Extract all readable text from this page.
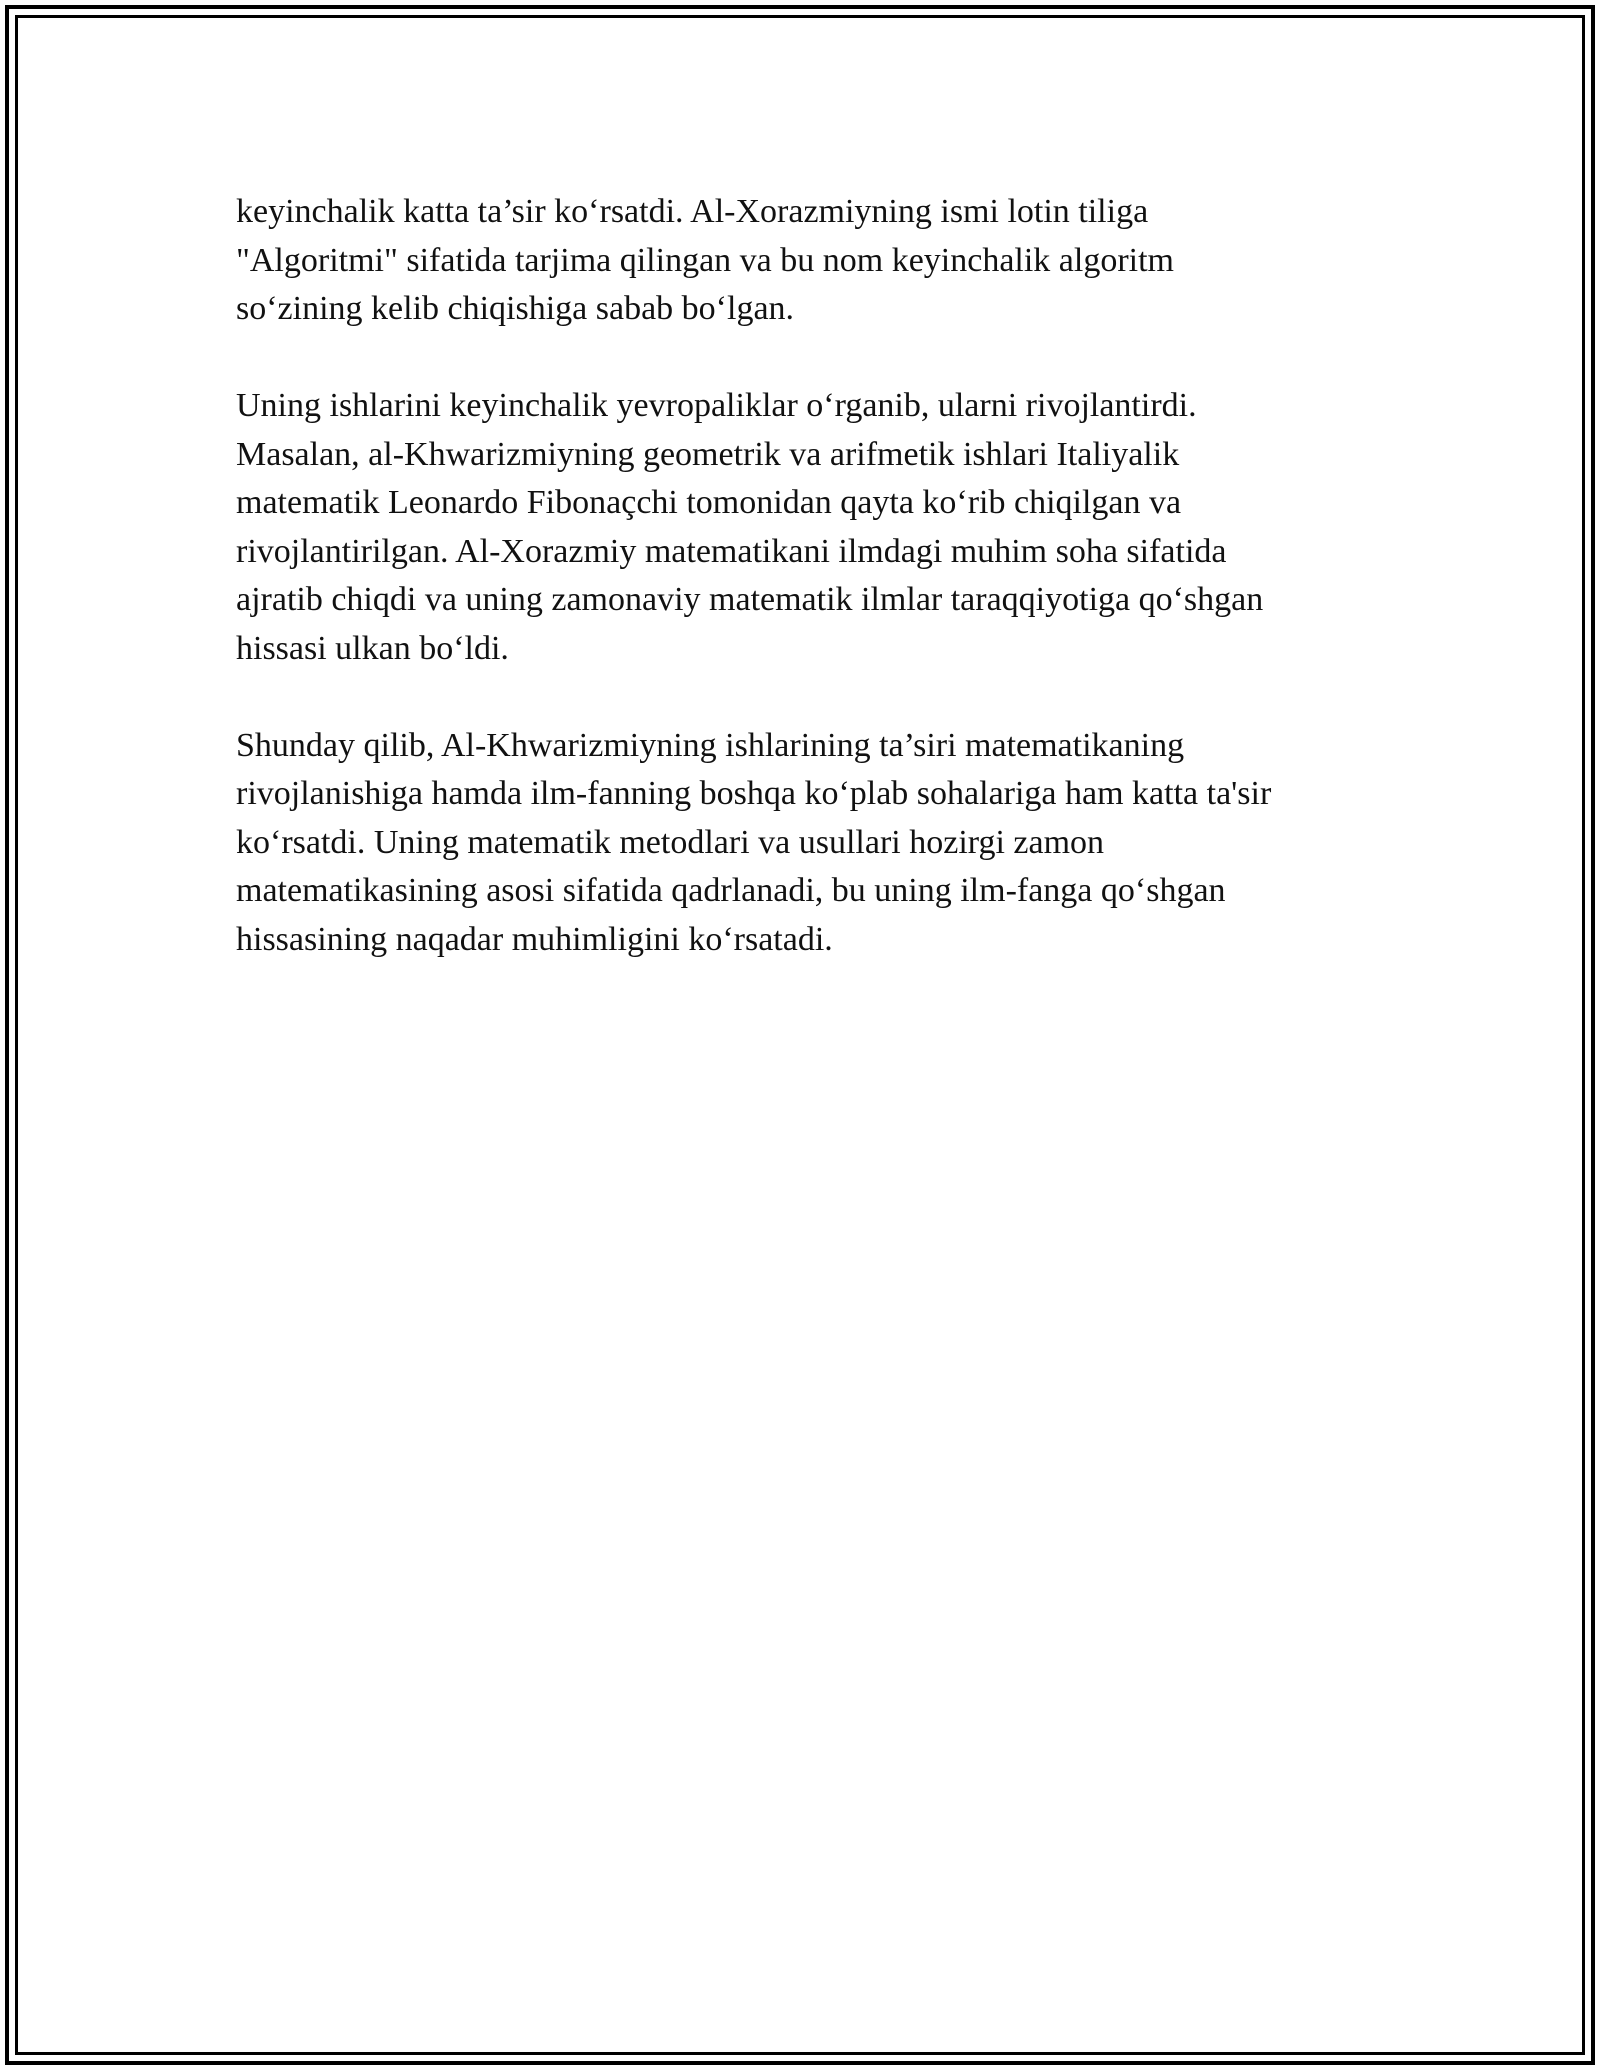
keyinchalik katta ta’sir ko‘rsatdi. Al-Xorazmiyning ismi lotin tiliga
"Algoritmi" sifatida tarjima qilingan va bu nom keyinchalik algoritm
so‘zining kelib chiqishiga sabab bo‘lgan.

Uning ishlarini keyinchalik yevropaliklar o‘rganib, ularni rivojlantirdi.
Masalan, al-Khwarizmiyning geometrik va arifmetik ishlari Italiyalik
matematik Leonardo Fibonaçchi tomonidan qayta ko‘rib chiqilgan va
rivojlantirilgan. Al-Xorazmiy matematikani ilmdagi muhim soha sifatida
ajratib chiqdi va uning zamonaviy matematik ilmlar taraqqiyotiga qo‘shgan
hissasi ulkan bo‘ldi.

Shunday qilib, Al-Khwarizmiyning ishlarining ta’siri matematikaning
rivojlanishiga hamda ilm-fanning boshqa ko‘plab sohalariga ham katta ta'sir
ko‘rsatdi. Uning matematik metodlari va usullari hozirgi zamon
matematikasining asosi sifatida qadrlanadi, bu uning ilm-fanga qo‘shgan
hissasining naqadar muhimligini ko‘rsatadi.
